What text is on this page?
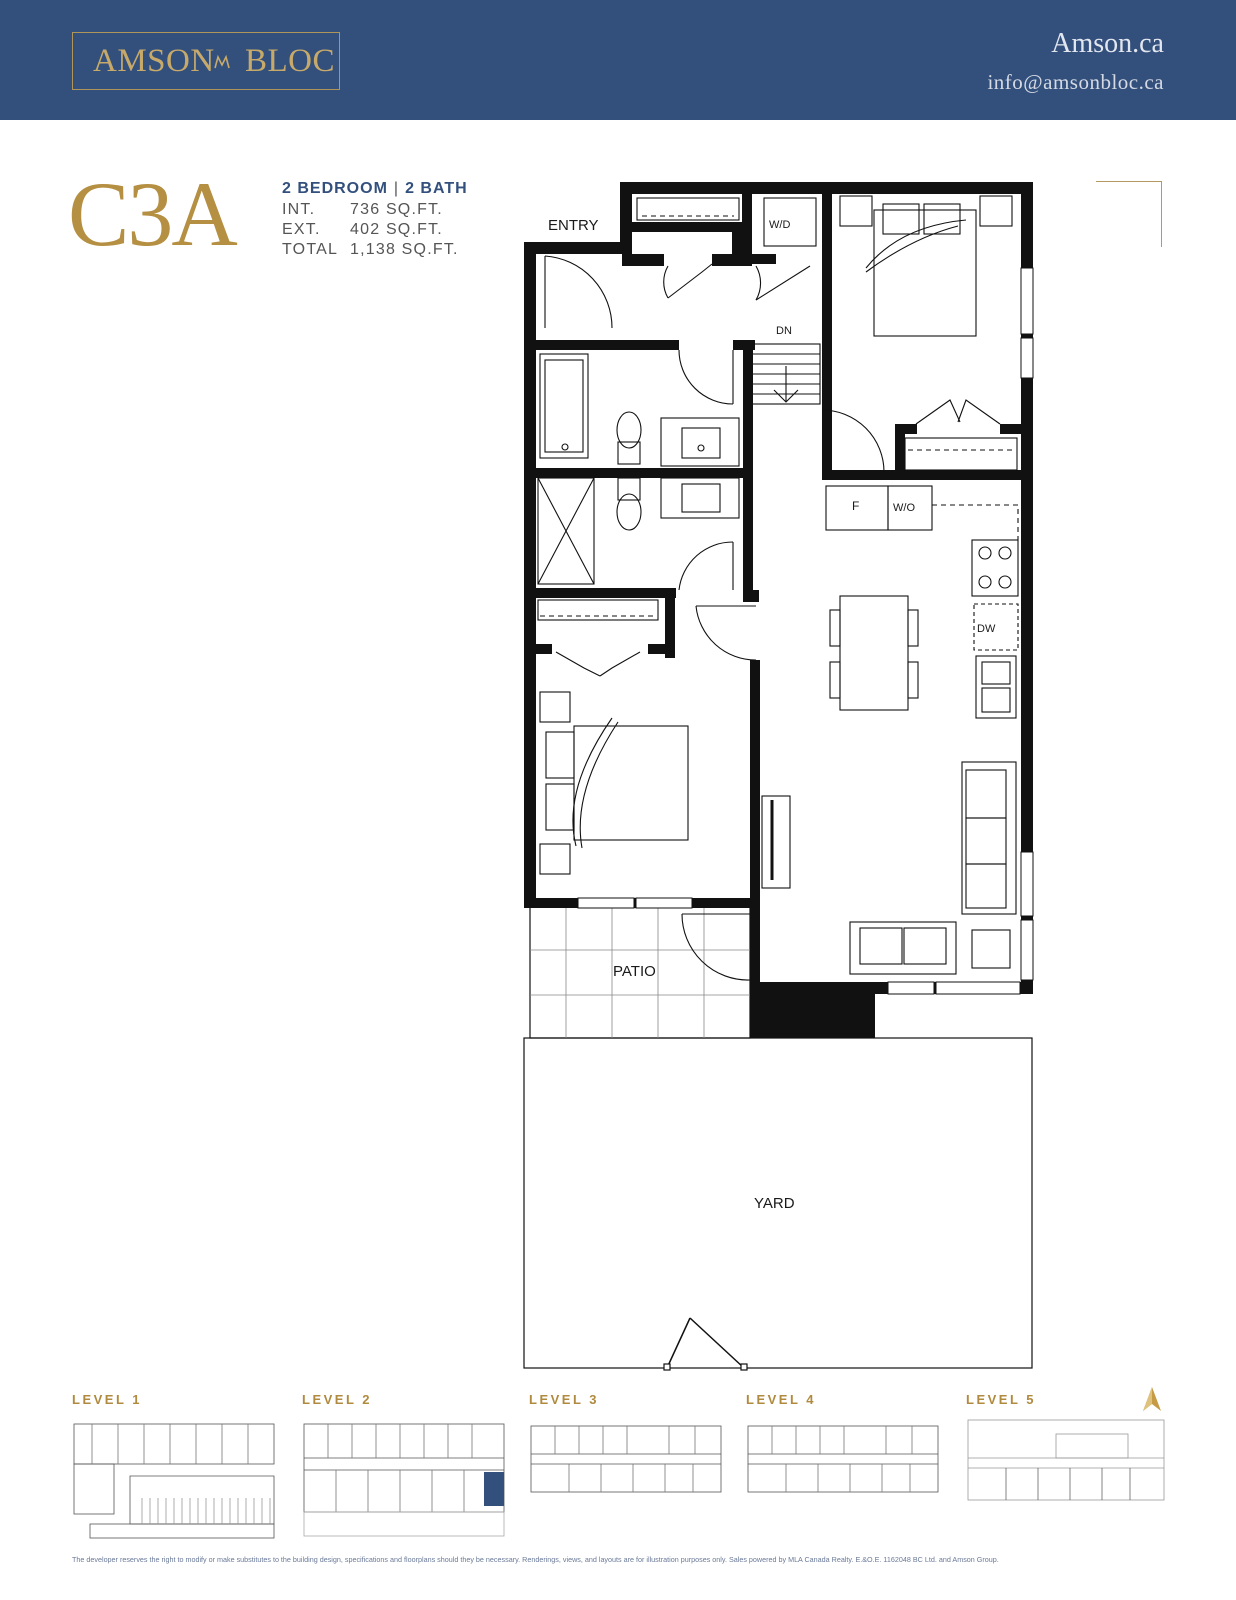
AMSON BLOC	Amson.ca
info@amsonbloc.ca
C3A	2 BEDROOM | 2 BATH
INT. 736 SQ.FT.
EXT. 402 SQ.FT.
TOTAL 1,138 SQ.FT.
ENTRY	W/D
DN
F	W/O
DW
PATIO
YARD
LEVEL 1	LEVEL 2	LEVEL 3	LEVEL 4	LEVEL 5
The developer reserves the right to modify or make substitutes to the building design, specifications and floorplans should they be necessary. Renderings, views, and layouts are for illustration purposes only. Sales powered by MLA Canada Realty. E.&O.E. 1162048 BC Ltd. and Amson Group.
